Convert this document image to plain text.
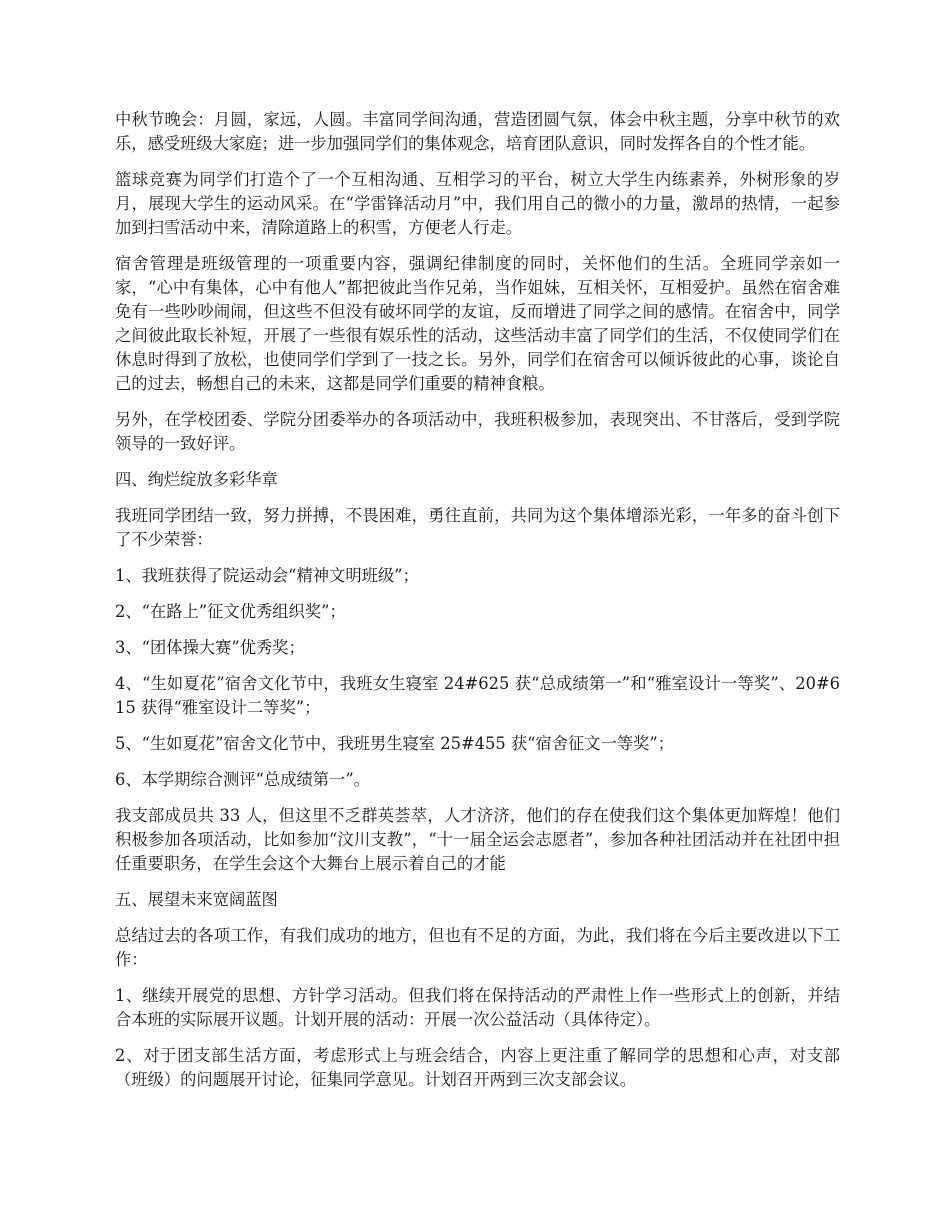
中秋节晚会：月圆，家远，人圆。丰富同学间沟通，营造团圆气氛，体会中秋主题，分享中秋节的欢乐，感受班级大家庭；进一步加强同学们的集体观念，培育团队意识，同时发挥各自的个性才能。

篮球竞赛为同学们打造个了一个互相沟通、互相学习的平台，树立大学生内练素养，外树形象的岁月，展现大学生的运动风采。在“学雷锋活动月”中，我们用自己的微小的力量，激昂的热情，一起参加到扫雪活动中来，清除道路上的积雪，方便老人行走。

宿舍管理是班级管理的一项重要内容，强调纪律制度的同时，关怀他们的生活。全班同学亲如一家，“心中有集体，心中有他人”都把彼此当作兄弟，当作姐妹，互相关怀，互相爱护。虽然在宿舍难免有一些吵吵闹闹，但这些不但没有破坏同学的友谊，反而增进了同学之间的感情。在宿舍中，同学之间彼此取长补短，开展了一些很有娱乐性的活动，这些活动丰富了同学们的生活，不仅使同学们在休息时得到了放松，也使同学们学到了一技之长。另外，同学们在宿舍可以倾诉彼此的心事，谈论自己的过去，畅想自己的未来，这都是同学们重要的精神食粮。

另外，在学校团委、学院分团委举办的各项活动中，我班积极参加，表现突出、不甘落后，受到学院领导的一致好评。

四、绚烂绽放多彩华章

我班同学团结一致，努力拼搏，不畏困难，勇往直前，共同为这个集体增添光彩，一年多的奋斗创下了不少荣誉：

1、我班获得了院运动会“精神文明班级”；

2、“在路上”征文优秀组织奖”；

3、“团体操大赛”优秀奖；

4、“生如夏花”宿舍文化节中，我班女生寝室 24#625 获“总成绩第一”和“雅室设计一等奖”、20#615 获得“雅室设计二等奖”；

5、“生如夏花”宿舍文化节中，我班男生寝室 25#455 获“宿舍征文一等奖”；

6、本学期综合测评“总成绩第一”。

我支部成员共 33 人，但这里不乏群英荟萃，人才济济，他们的存在使我们这个集体更加辉煌！他们积极参加各项活动，比如参加“汶川支教”，“十一届全运会志愿者”，参加各种社团活动并在社团中担任重要职务，在学生会这个大舞台上展示着自己的才能

五、展望未来宽阔蓝图

总结过去的各项工作，有我们成功的地方，但也有不足的方面，为此，我们将在今后主要改进以下工作：

1、继续开展党的思想、方针学习活动。但我们将在保持活动的严肃性上作一些形式上的创新，并结合本班的实际展开议题。计划开展的活动：开展一次公益活动（具体待定）。

2、对于团支部生活方面，考虑形式上与班会结合，内容上更注重了解同学的思想和心声，对支部（班级）的问题展开讨论，征集同学意见。计划召开两到三次支部会议。
